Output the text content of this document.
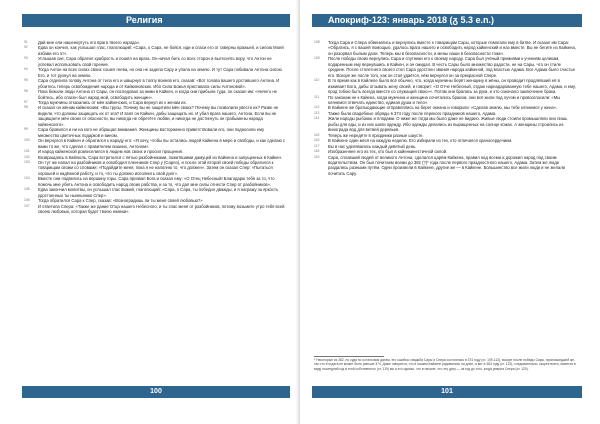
Религия
91	Дай мне ели нашенертуть его врага твоего народа».
92	Едва он кончил, как услышал глас, глаголющий: «Сара, о Сара, не бойся, иди и спаси его от скверны вражьей, и силою Моей избави его от».
93	Услышав сие, Сара обратил храбрость и пошёл на врага. Он начал бить со всех сторон и вытеснять вору, что Антон не успевал использовать свой горение.
94	Тогда Антон на всех силах своих сошел гнева, но она не задела Сару и упала на землю. И тут Сара побивала Антона силою Его, и тот рухнул на землю.
95	Сара отделила голову Антона от тела его и швырнул в толпу воинов его, сказав: «Вот голова вашего доставшего Антона. И убоитесь теперь освобождения народа и от Кайкиновских. Ибо Сила Божья приставала силы Антоновой».
96	Пока бежали люди Антона от Сары, он последовал за ними в Кайкен, и когда они прибыли туда, он сказал им: «Ничего не бойтесь, ибо спасен был народ мой, освободить женщин».
97	Тогда мужчины отказались от мён кайкенских, и Сара вернул их к женам их.
98	И сказал он жёнам кайкенским: «Вы трусы. Почему вы не защитили мён своих? Почему вы позволили увести их? Разве не видели, что должны защищать их от зла? И взял он Кайкен, дабы защищать их. И убил врага нашего, Антона. Если вы не защищаете мён своих от опасности, вы никогда не обретёте любви, и никогда не достигнуть он грабымены народа кайкенского».
99	Сара бровился и ни на кого не обращал внимания. Женщины восторженно приветствовали его, они подносили ему множество цветочных подарков и вином.
100	Он вернулся в Кайкен и обратился к народу его: «Я хочу, чтобы вы остались людей Кайкена в мере и свободы, и как сделаю с вами то же, что сделал с правителем лишних, Антоном».
101	И народ кайкенской розвеселился в людем нов своих и просил прощения.
102	Возвращаясь в Кайлюль, Сара встретился с пятью разбойниками, пожитвшими дамуцей из Кайкена и запущенных в Кайкен.
103	Он тут же напал на разбойников и освободил пленников Спер у (Сарло), и после этой второй своей победы обратился к товарищам своим со словами: «Подойдите меня, пока я не наполню то, что должен». Затем он сказал Спер: «Пытаться хорошей и надёжной работу, и то, что ты должно исполнить свой долг».
104	Вместе они подвелись на вершину горы. Сара призвал Бога и сказал ему: «О Отец Небесный! Благодарю тебя за то, что помочь мне убить Антона и освободить народ своих рабства, и за то, что дал мне силы отнести Спер от разбойников».
105	Едва закончил молитвы, он услышал глас Божий, глаголющий: «Сара, о Сара, ты победил дважды, и я награжу за яркость удостоенных ты нынешнюю Спер».
106	Тогда обратился Сара к Спер, сказав: «Вознаградишь ли ты меня своей любовью?»
107	И ответила Спера: «Также же дание Отца нашего Небесного, и ты спас меня от разбойников, потому возьмите утро тебя всей своею любовью, которая будет твоею навеки».
100
Апокриф-123: январь 2018 (ᵹ 5.3 e.n.)
108	Тогда Сара и Спера обвенились и вернулись вместе к товарищам Сары, которые помогали ему в битве. И сказал им Сара: «Обратись, я с вашей помощью, удалось врага нашего и освободить народ кайкенский и наз вместе. Вы не бегите из Кайкена, он разорвал былым дали. Теперь мы в безопасности, и мены наши в безопасности тоже».
109	После победы своих вернулись Сара и спутники его к своему народу. Сара был учёный премиями к учениям целикам, подаренным ему вернувшись в Кайкен, и он ожидал. В честь Сары было множество радости, не на Сары, что он стиле средине. После столетнего своего стол Сара удостоен звания народа кайкеной, под властью Адама. Все Адама было счастье его. Вскоре же после того, как он стал удаётся, нём вернулся он за прекрасной Спере.
110	В то время как в Кайлеле было всё обычно, что, когда мужчины берёт женщину в жёны, он проводит продлёвший её в изживает Бога, дабы отзывать жену своей, и говорит: «О Отче Небесный, отдаю нарнадарованную тебе нашего, Адама, и ему, прод тобою быть всегда вместе со служащей свою»». Потом они брались за руки, и это означало заключение брака.
111	По законам не к Кайена, когда мужчина и женщина сочетались браком, они всё жили под лучом и провозгласили: «Мы клянемся отвечать единство, единая душа и тело».
112	В Кайкене же братьюдающие отправлялись на берег океана и говорили: «Сделав землю, мы тебе клянемся у жена».
113	Также были свадебные обряды в 374 году после перекого праздников нашего, Адама.
114	Жили народы рыбоюю и плодами. О ниже же тогда мы было даже не видано. Живые люди стоили промышляли они лишь рыбы для еды, и из них шили одежду. Ибо одежды делались из выращенных на солнце кожах. А женщины строились из винограда вод для ветвей деревьев.
115	Теперь же нередёте в праздники разные шаусте.
116	В Кайкене один меся на каждую неделю. Его избирали из тех, кто отличался храносердечием.
117	Вы в нас уделявались каждый девятый день.
118	Изобразеннее его из тех, кто был в кайенкинестичной силой.
119	Сара, сплавший людей от великого Антона, сделался царём Кайкена, правил над всеми и дорожил народ под своим водительством. Он был почитаем всеми до 382 (?)* года после первого праздностного нашего, Адама. Затем же люди раздались разными путём. Одни произвели в Кайкене, другие же — в Кайкене. Большинство все жили люди и не желали почитать Сару.
* Некоторые из 382, но судя по остальным датам, это ошибка: свадьба Сары и Спера состоялась в 374 году (ст. 109-113), вскоре после победы Сары, произошедшей же, так что эта дата не может быть раньше 374. Даже говорится, что в нашем Кайкене радовались на длее, а вот в 383 году (ст. 123), следовательно, скорее всего, имеется в виду последний год в этой собственного (ст. 119) вы и это однако, что в начале, что эту дату — за год до того, когда умерла Спера (ст. 120).
101
